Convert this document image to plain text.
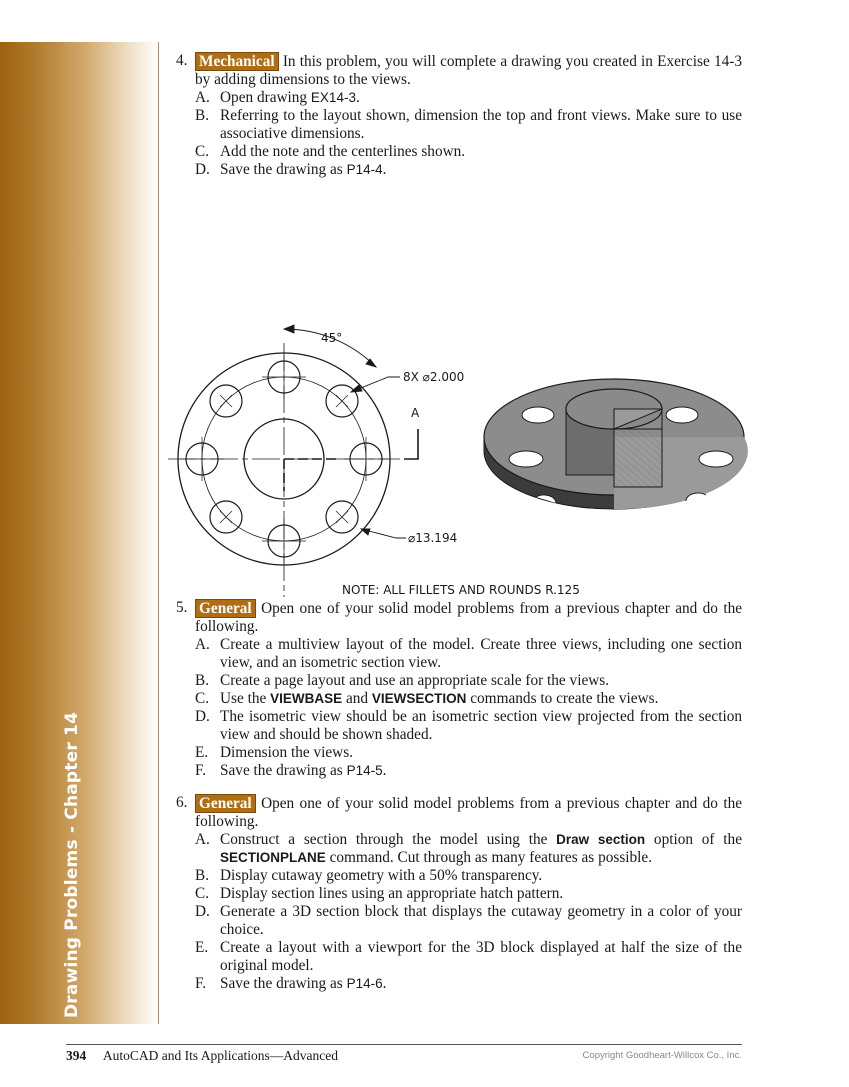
Drawing Problems - Chapter 14
4. Mechanical In this problem, you will complete a drawing you created in Exercise 14-3 by adding dimensions to the views.
A. Open drawing EX14-3.
B. Referring to the layout shown, dimension the top and front views. Make sure to use associative dimensions.
C. Add the note and the centerlines shown.
D. Save the drawing as P14-4.
45°
8X ⌀2.000
A
⌀13.194
NOTE: ALL FILLETS AND ROUNDS R.125
5. General Open one of your solid model problems from a previous chapter and do the following.
A. Create a multiview layout of the model. Create three views, including one section view, and an isometric section view.
B. Create a page layout and use an appropriate scale for the views.
C. Use the VIEWBASE and VIEWSECTION commands to create the views.
D. The isometric view should be an isometric section view projected from the section view and should be shown shaded.
E. Dimension the views.
F. Save the drawing as P14-5.
6. General Open one of your solid model problems from a previous chapter and do the following.
A. Construct a section through the model using the Draw section option of the SECTIONPLANE command. Cut through as many features as possible.
B. Display cutaway geometry with a 50% transparency.
C. Display section lines using an appropriate hatch pattern.
D. Generate a 3D section block that displays the cutaway geometry in a color of your choice.
E. Create a layout with a viewport for the 3D block displayed at half the size of the original model.
F. Save the drawing as P14-6.
394 AutoCAD and Its Applications—Advanced	Copyright Goodheart-Willcox Co., Inc.
